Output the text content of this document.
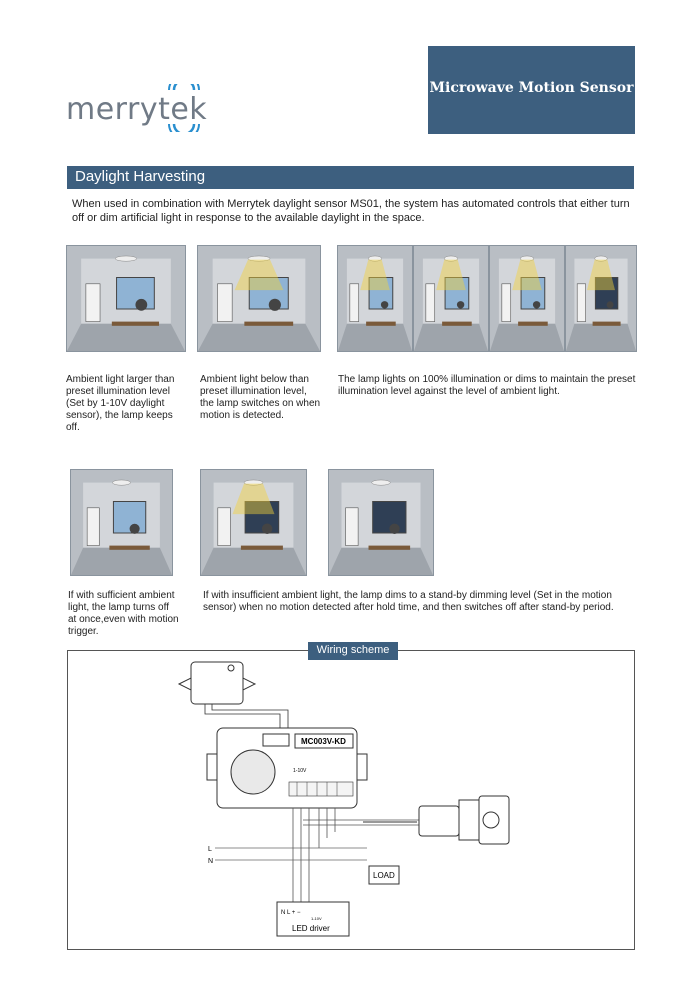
merrytek
Microwave Motion Sensor
Daylight Harvesting
When used in combination with Merrytek daylight sensor MS01, the system has automated controls that either turn off or dim artificial light in response to the available daylight in the space.
Ambient light larger than preset illumination level (Set by 1-10V daylight sensor), the lamp keeps off.
Ambient light below than preset illumination level, the lamp switches on when motion is detected.
The lamp lights on 100% illumination or dims to maintain the preset illumination level against the level of ambient light.
If with sufficient ambient light, the lamp turns off at once,even with motion trigger.
If with insufficient ambient light, the lamp dims to a stand-by dimming level (Set in the motion sensor) when no motion detected after hold time, and then switches off after stand-by period.
Wiring scheme
MC003V-KD
1-10V
L
N
LOAD
N L + −
1-10V
LED driver
